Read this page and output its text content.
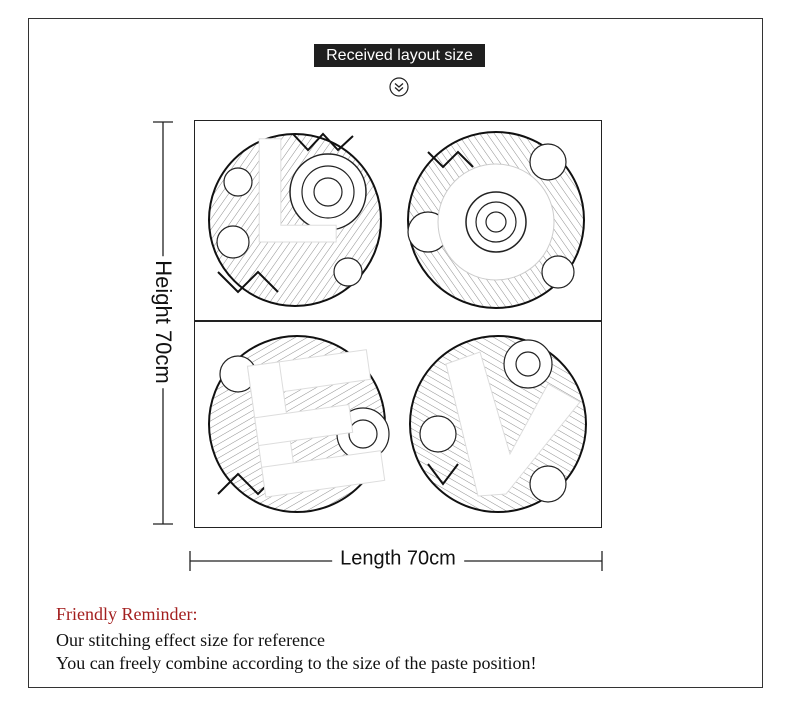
Received layout size
L
Height 70cm
Length 70cm
Friendly Reminder:
Our stitching effect size for reference
You can freely combine according to the size of the paste position!
